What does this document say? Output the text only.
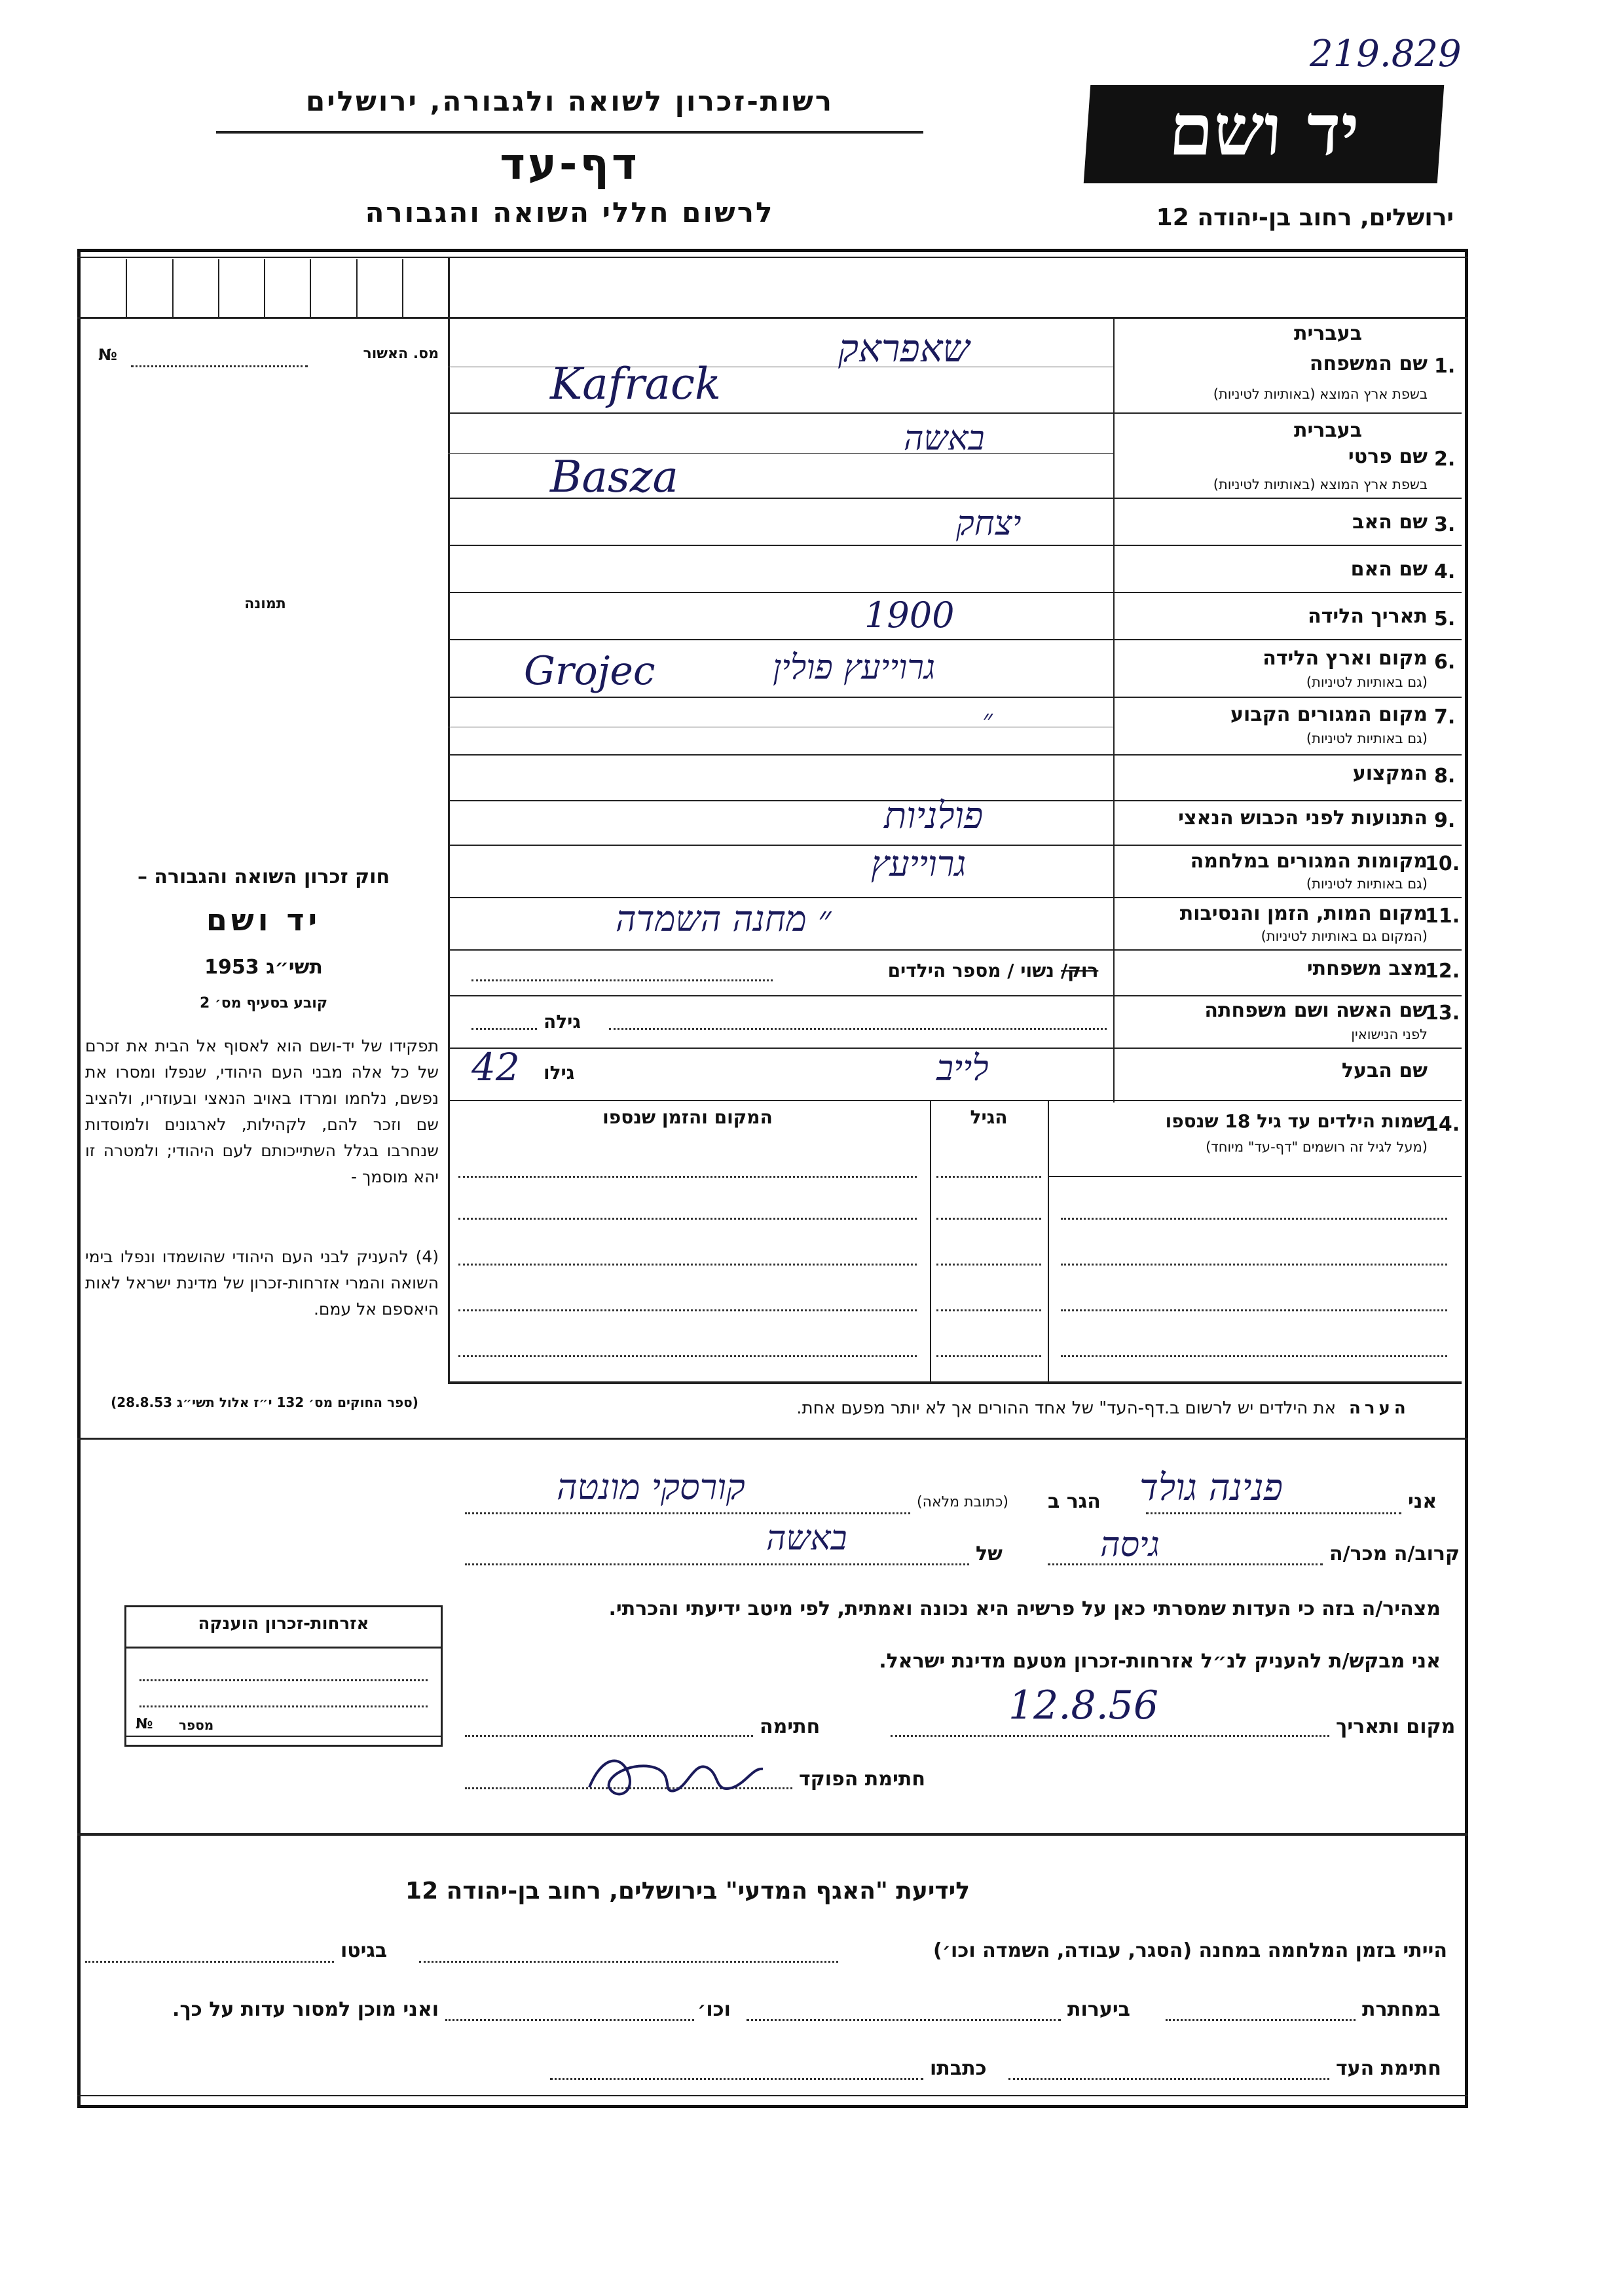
219.829
יד ושם
רשות-זכרון לשואה ולגבורה, ירושלים
דף-עד
לרשום חללי השואה והגבורה	ירושלים, רחוב בן-יהודה 12
מס. האשור
№
תמונה
חוק זכרון השואה והגבורה –
יד ושם
תשי״ג 1953
קובע בסעיף מס׳ 2
תפקידו של יד-ושם הוא לאסוף אל הבית את זכרם של כל אלה מבני העם היהודי, שנפלו ומסרו את נפשם, נלחמו ומרדו באויב הנאצי ובעוזריו, ולהציב שם וזכר להם, לקהילות, לארגונים ולמוסדות שנחרבו בגלל השתייכותם לעם היהודי; ולמטרה זו יהא מוסמך -
(4) להעניק לבני העם היהודי שהושמדו ונפלו בימי השואה והמרי אזרחות-זכרון של מדינת ישראל לאות היאספם אל עמם.
(ספר החוקים מס׳ 132 י״ז אלול תשי״ג 28.8.53)
אזרחות-זכרון הוענקה
מספר
№
בעברית
1.
שם המשפחה
בשפת ארץ המוצא (באותיות לטיניות)
שאפראק
Kafrack
בעברית
2.
שם פרטי
בשפת ארץ המוצא (באותיות לטיניות)
באשה
Basza
3.
שם האב
יצחק
4.
שם האם
5.
תאריך הלידה
1900
6.
מקום וארץ הלידה
(גם באותיות לטיניות)
גרוייעץ פולין
Grojec
7.
מקום המגורים הקבוע
(גם באותיות לטיניות)
״
8.
המקצוע
9.
התנועות לפני הכבוש הנאצי
פולניות
10.
מקומות המגורים במלחמה
(גם באותיות לטיניות)
גרוייעץ
11.
מקום המות, הזמן והנסיבות
(המקום גם באותיות לטיניות)
״ מחנה השמדה
12.
מצב משפחתי
נשוי / מספר הילדים רוק/
13.
שם האשה ושם משפחתה
לפני הנישואין
גילה
שם הבעל
לייב
גילו
42
14.
שמות הילדים עד גיל 18 שנספו
(מעל לגיל זה רושמים "דף-עד" מיוחד)
הגיל
המקום והזמן שנספו
הערה
את הילדים יש לרשום ב.דף-העד" של אחד ההורים אך לא יותר מפעם אחת.
אני
פנינה גולד
הגר ב
(כתובת מלאה)
קורסקי מונטה
קרוב/ה מכר/ה
גיסה
של
באשה
מצהיר/ה בזה כי העדות שמסרתי כאן על פרשיה היא נכונה ואמתית, לפי מיטב ידיעתי והכרתי.
אני מבקש/ת להעניק לנ״ל אזרחות-זכרון מטעם מדינת ישראל.
מקום ותאריך
12.8.56
חתימה
חתימת הפוקד
לידיעת "האגף המדעי" בירושלים, רחוב בן-יהודה 12
הייתי בזמן המלחמה במחנה (הסגר, עבודה, השמדה וכו׳)
בגיטו
במחתרת
ביערות
וכו׳
ואני מוכן למסור עדות על כך.
חתימת העד
כתבתו
